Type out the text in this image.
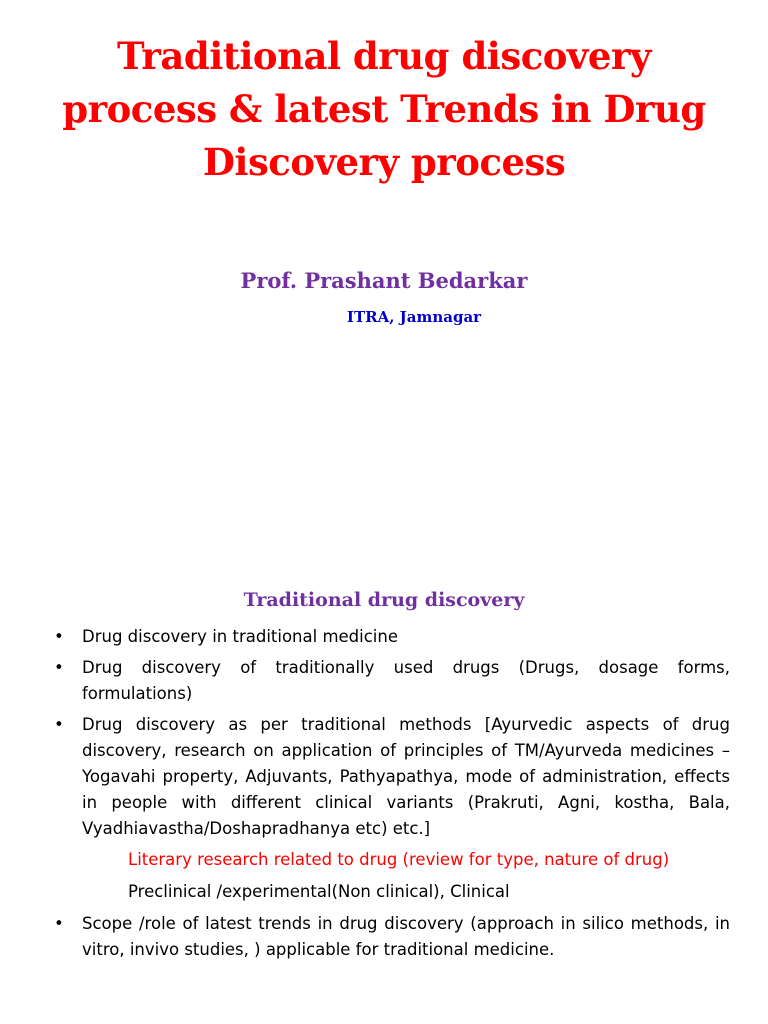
Traditional drug discovery process & latest Trends in Drug Discovery process
Prof. Prashant Bedarkar
ITRA, Jamnagar
Traditional drug discovery
• Drug discovery in traditional medicine
• Drug discovery of traditionally used drugs (Drugs, dosage forms, formulations)
• Drug discovery as per traditional methods [Ayurvedic aspects of drug discovery, research on application of principles of TM/Ayurveda medicines –Yogavahi property, Adjuvants, Pathyapathya, mode of administration, effects in people with different clinical variants (Prakruti, Agni, kostha, Bala, Vyadhiavastha/Doshapradhanya etc) etc.]
Literary research related to drug (review for type, nature of drug)
Preclinical /experimental(Non clinical), Clinical
• Scope /role of latest trends in drug discovery (approach in silico methods, in vitro, invivo studies, ) applicable for traditional medicine.
